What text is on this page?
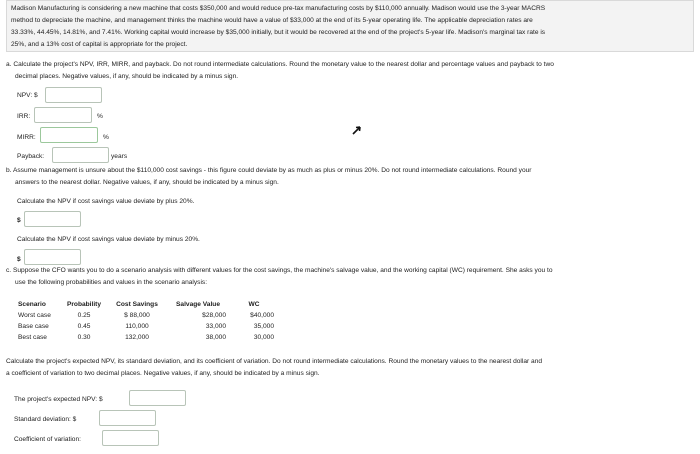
Madison Manufacturing is considering a new machine that costs $350,000 and would reduce pre-tax manufacturing costs by $110,000 annually. Madison would use the 3-year MACRS

method to depreciate the machine, and management thinks the machine would have a value of $33,000 at the end of its 5-year operating life. The applicable depreciation rates are

33.33%, 44.45%, 14.81%, and 7.41%. Working capital would increase by $35,000 initially, but it would be recovered at the end of the project's 5-year life. Madison's marginal tax rate is

25%, and a 13% cost of capital is appropriate for the project.

a. Calculate the project's NPV, IRR, MIRR, and payback. Do not round intermediate calculations. Round the monetary value to the nearest dollar and percentage values and payback to two
decimal places. Negative values, if any, should be indicated by a minus sign.
NPV: $
IRR:	%
MIRR:	%
Payback:	years
b. Assume management is unsure about the $110,000 cost savings - this figure could deviate by as much as plus or minus 20%. Do not round intermediate calculations. Round your
answers to the nearest dollar. Negative values, if any, should be indicated by a minus sign.
Calculate the NPV if cost savings value deviate by plus 20%.
$
Calculate the NPV if cost savings value deviate by minus 20%.
$
c. Suppose the CFO wants you to do a scenario analysis with different values for the cost savings, the machine's salvage value, and the working capital (WC) requirement. She asks you to
use the following probabilities and values in the scenario analysis:
Scenario	Probability	Cost Savings	Salvage Value	WC
Worst case	0.25	$ 88,000	$28,000	$40,000
Base case	0.45	110,000	33,000	35,000
Best case	0.30	132,000	38,000	30,000
Calculate the project's expected NPV, its standard deviation, and its coefficient of variation. Do not round intermediate calculations. Round the monetary values to the nearest dollar and
a coefficient of variation to two decimal places. Negative values, if any, should be indicated by a minus sign.
The project's expected NPV: $
Standard deviation: $
Coefficient of variation:
